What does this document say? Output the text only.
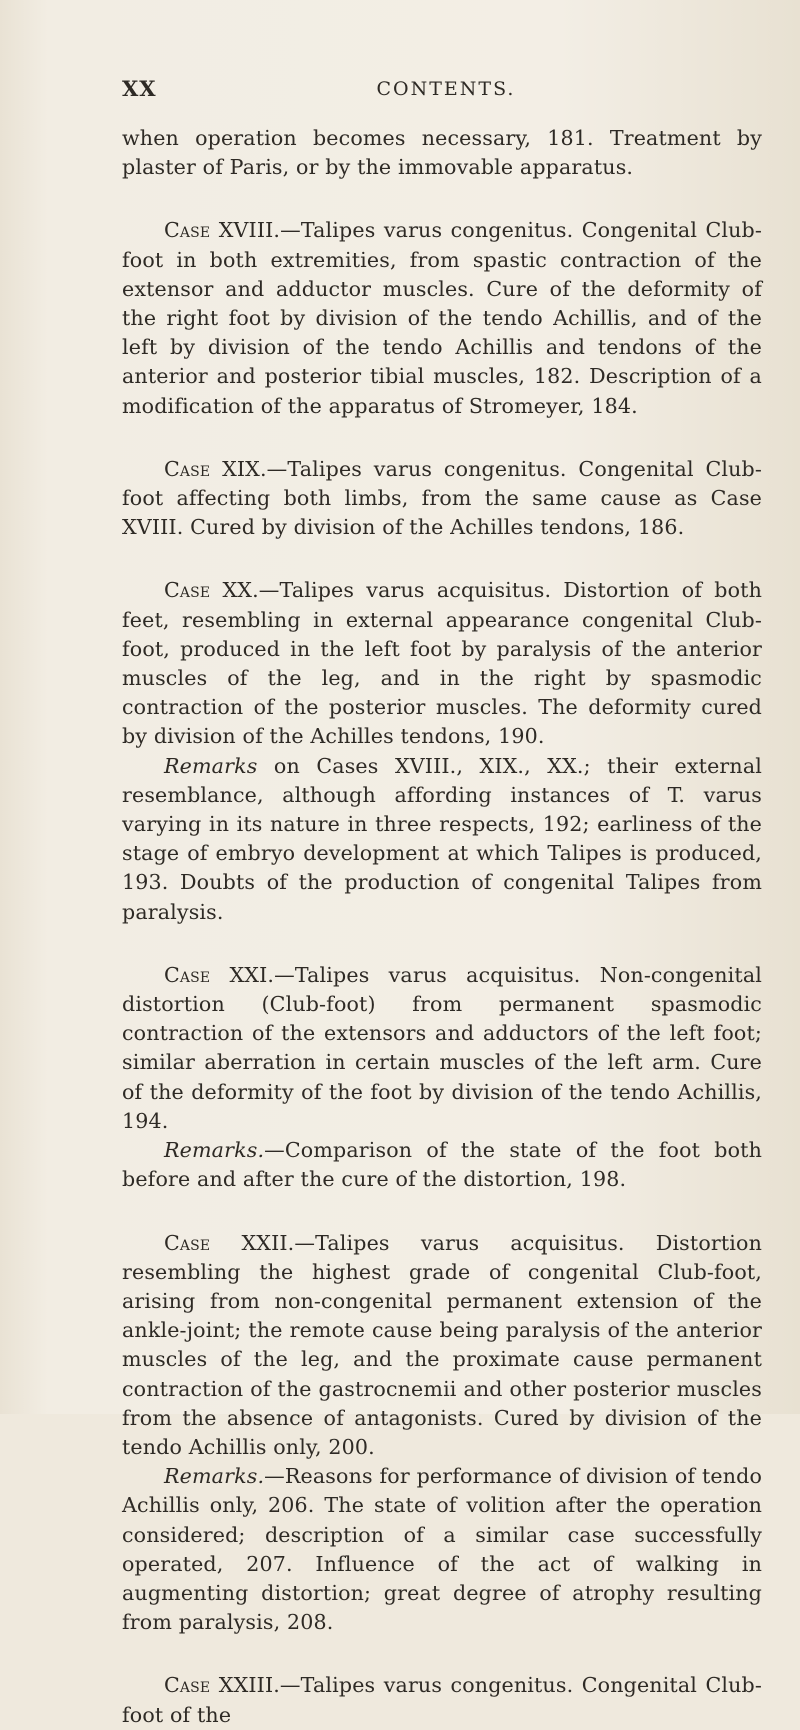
XX	CONTENTS.

when operation becomes necessary, 181. Treatment by plaster of Paris, or by the immovable apparatus.

Case XVIII.—Talipes varus congenitus. Congenital Club-foot in both extremities, from spastic contraction of the extensor and adductor muscles. Cure of the deformity of the right foot by division of the tendo Achillis, and of the left by division of the tendo Achillis and tendons of the anterior and posterior tibial muscles, 182. Description of a modification of the apparatus of Stromeyer, 184.

Case XIX.—Talipes varus congenitus. Congenital Club-foot affecting both limbs, from the same cause as Case XVIII. Cured by division of the Achilles tendons, 186.

Case XX.—Talipes varus acquisitus. Distortion of both feet, resembling in external appearance congenital Club-foot, produced in the left foot by paralysis of the anterior muscles of the leg, and in the right by spasmodic contraction of the posterior muscles. The deformity cured by division of the Achilles tendons, 190.

Remarks on Cases XVIII., XIX., XX.; their external resemblance, although affording instances of T. varus varying in its nature in three respects, 192; earliness of the stage of embryo development at which Talipes is produced, 193. Doubts of the production of congenital Talipes from paralysis.

Case XXI.—Talipes varus acquisitus. Non-congenital distortion (Club-foot) from permanent spasmodic contraction of the extensors and adductors of the left foot; similar aberration in certain muscles of the left arm. Cure of the deformity of the foot by division of the tendo Achillis, 194.

Remarks.—Comparison of the state of the foot both before and after the cure of the distortion, 198.

Case XXII.—Talipes varus acquisitus. Distortion resembling the highest grade of congenital Club-foot, arising from non-congenital permanent extension of the ankle-joint; the remote cause being paralysis of the anterior muscles of the leg, and the proximate cause permanent contraction of the gastrocnemii and other posterior muscles from the absence of antagonists. Cured by division of the tendo Achillis only, 200.

Remarks.—Reasons for performance of division of tendo Achillis only, 206. The state of volition after the operation considered; description of a similar case successfully operated, 207. Influence of the act of walking in augmenting distortion; great degree of atrophy resulting from paralysis, 208.

Case XXIII.—Talipes varus congenitus. Congenital Club-foot of the
